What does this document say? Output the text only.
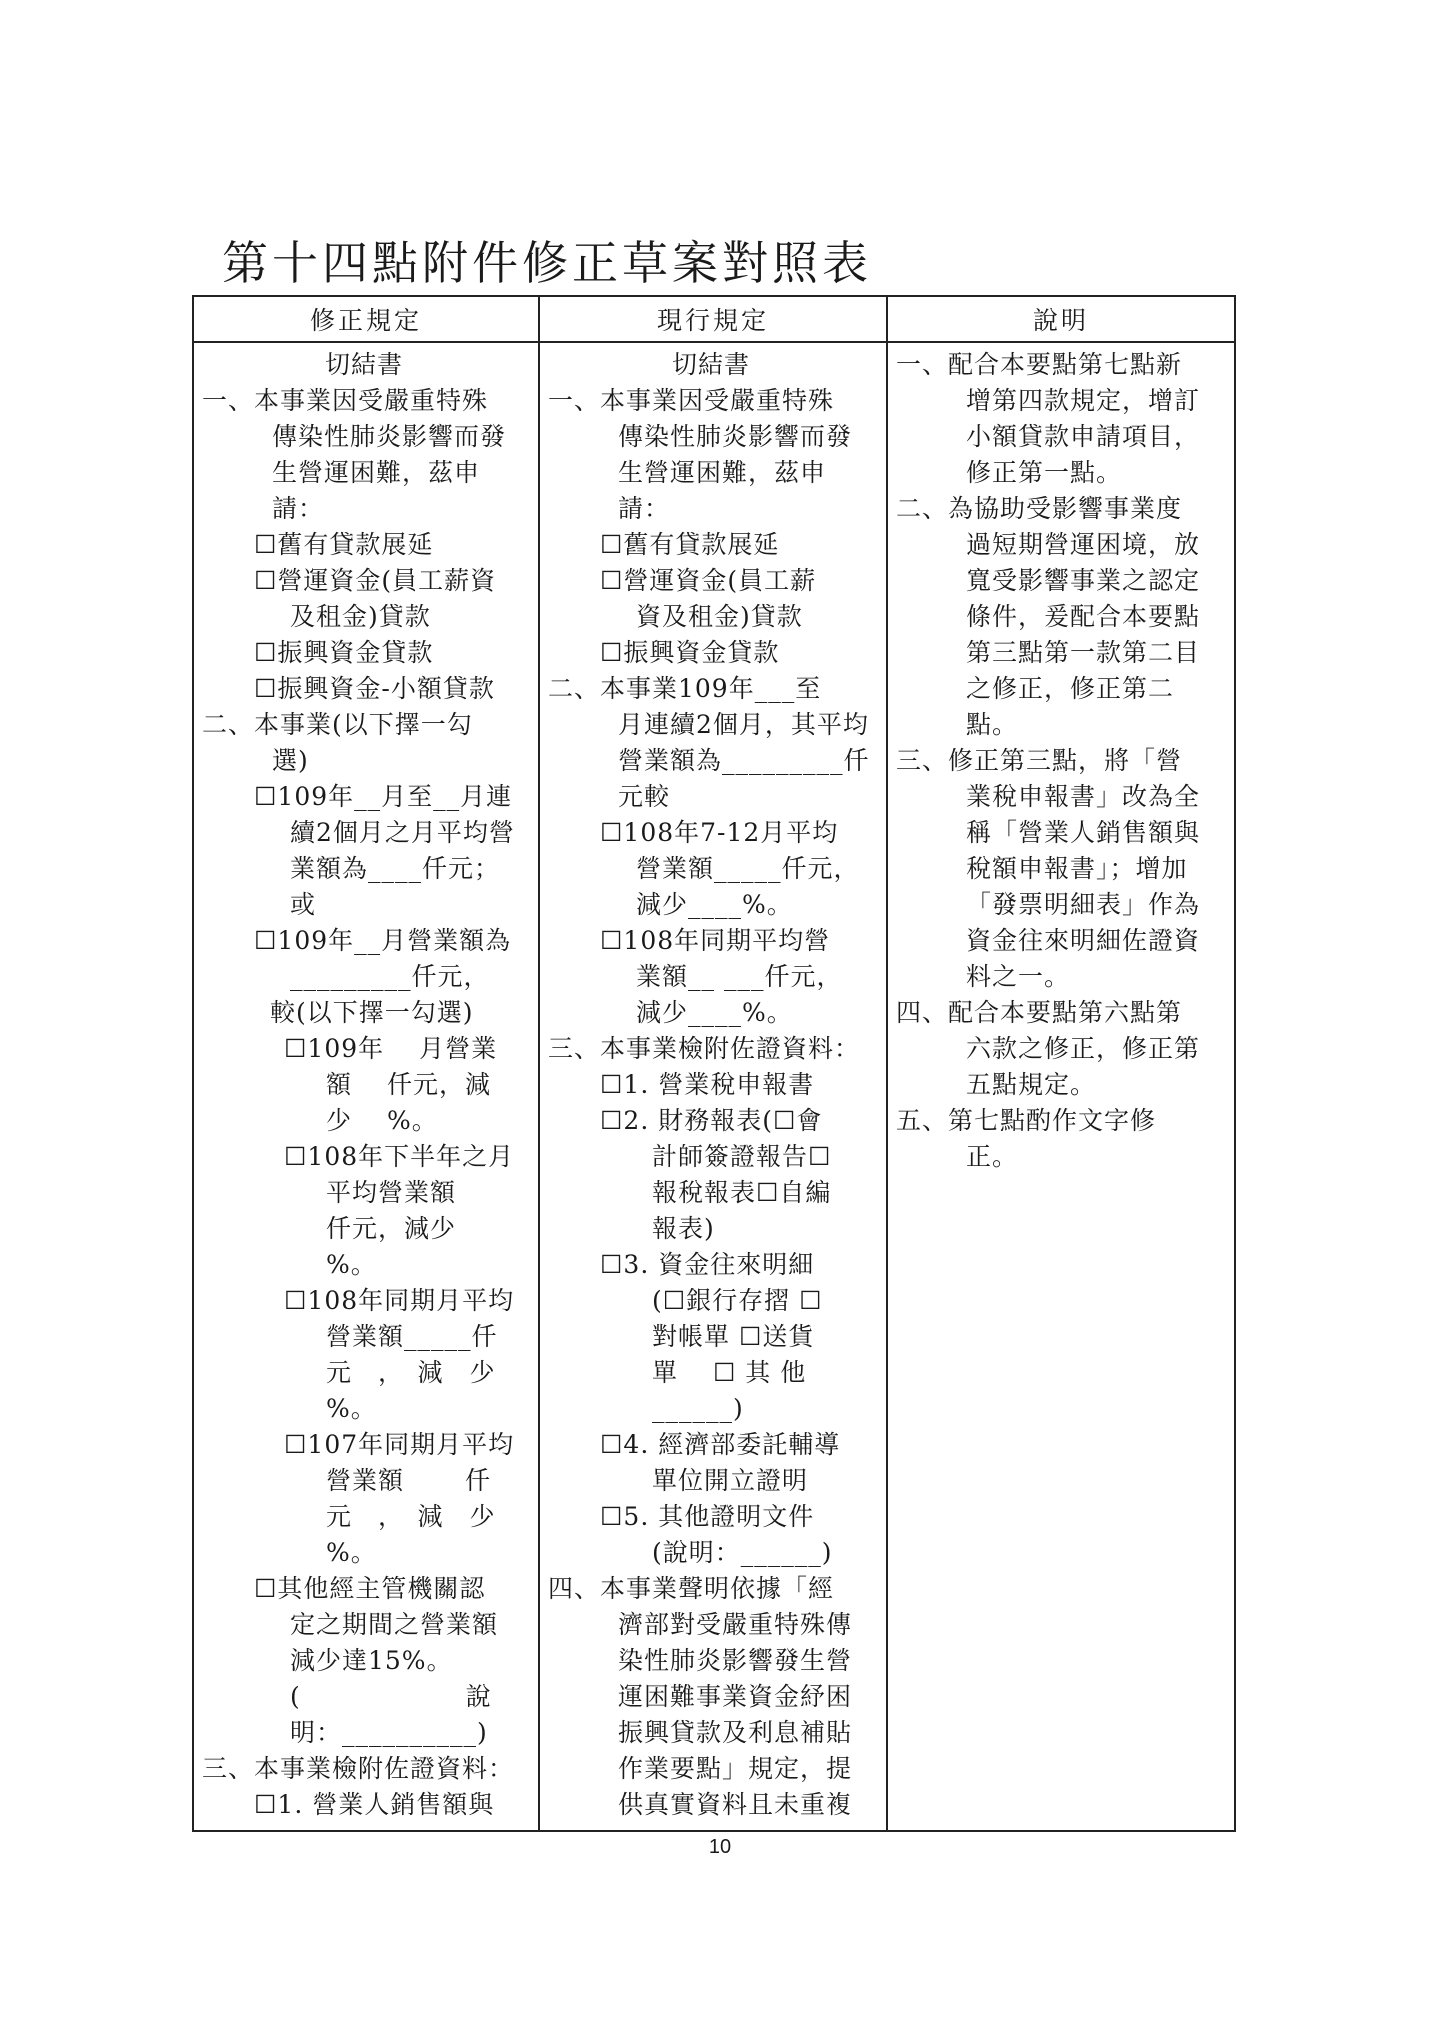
第十四點附件修正草案對照表
修正規定
切結書
一、本事業因受嚴重特殊
傳染性肺炎影響而發
生營運困難，茲申
請：
☐舊有貸款展延
☐營運資金(員工薪資
及租金)貸款
☐振興資金貸款
☐振興資金-小額貸款
二、本事業(以下擇一勾
選)
☐109年__月至__月連
續2個月之月平均營
業額為____仟元；
或
☐109年__月營業額為
_________仟元，
較(以下擇一勾選)
☐109年　 月營業
額　 仟元，減
少　 %。
☐108年下半年之月
平均營業額
仟元，減少
%。
☐108年同期月平均
營業額_____仟
元　，　減　少
%。
☐107年同期月平均
營業額　　 仟
元　，　減　少
%。
☐其他經主管機關認
定之期間之營業額
減少達15%。
(　　　　　　 說
明：__________)
三、本事業檢附佐證資料：
☐1. 營業人銷售額與
現行規定
切結書
一、本事業因受嚴重特殊
傳染性肺炎影響而發
生營運困難，茲申
請：
☐舊有貸款展延
☐營運資金(員工薪
資及租金)貸款
☐振興資金貸款
二、本事業109年___至
月連續2個月，其平均
營業額為_________仟
元較
☐108年7-12月平均
營業額_____仟元，
減少____%。
☐108年同期平均營
業額__ ___仟元，
減少____%。
三、本事業檢附佐證資料：
☐1. 營業稅申報書
☐2. 財務報表(☐會
計師簽證報告☐
報稅報表☐自編
報表)
☐3. 資金往來明細
(☐銀行存摺 ☐
對帳單 ☐送貨
單　 ☐ 其 他
______)
☐4. 經濟部委託輔導
單位開立證明
☐5. 其他證明文件
(說明：______)
四、本事業聲明依據「經
濟部對受嚴重特殊傳
染性肺炎影響發生營
運困難事業資金紓困
振興貸款及利息補貼
作業要點」規定，提
供真實資料且未重複
說明
一、配合本要點第七點新
增第四款規定，增訂
小額貸款申請項目，
修正第一點。
二、為協助受影響事業度
過短期營運困境，放
寬受影響事業之認定
條件，爰配合本要點
第三點第一款第二目
之修正，修正第二
點。
三、修正第三點，將「營
業稅申報書」改為全
稱「營業人銷售額與
稅額申報書」；增加
「發票明細表」作為
資金往來明細佐證資
料之一。
四、配合本要點第六點第
六款之修正，修正第
五點規定。
五、第七點酌作文字修
正。
10
